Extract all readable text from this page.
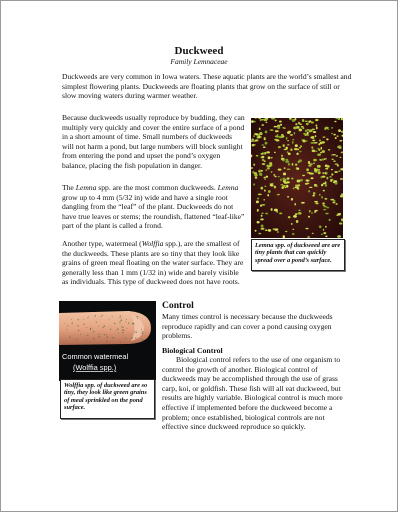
Duckweed
Family Lemnaceae

Duckweeds are very common in Iowa waters. These aquatic plants are the world’s smallest and simplest flowering plants. Duckweeds are floating plants that grow on the surface of still or slow moving waters during warmer weather.

Because duckweeds usually reproduce by budding, they can multiply very quickly and cover the entire surface of a pond in a short amount of time. Small numbers of duckweeds will not harm a pond, but large numbers will block sunlight from entering the pond and upset the pond’s oxygen balance, placing the fish population in danger.

The Lemna spp. are the most common duckweeds. Lemna grow up to 4 mm (5/32 in) wide and have a single root dangling from the “leaf” of the plant. Duckweeds do not have true leaves or stems; the roundish, flattened “leaf-like” part of the plant is called a frond.

Another type, watermeal (Wolffia spp.), are the smallest of the duckweeds. These plants are so tiny that they look like grains of green meal floating on the water surface. They are generally less than 1 mm (1/32 in) wide and barely visible as individuals. This type of duckweed does not have roots.

Lemna spp. of duckweed are are tiny plants that can quickly spread over a pond’s surface.
Common watermeal
(Wolffia spp.)
Wolffia spp. of duckweed are so tiny, they look like green grains of meal sprinkled on the pond surface.
Control

Many times control is necessary because the duckweeds reproduce rapidly and can cover a pond causing oxygen problems.

Biological Control

Biological control refers to the use of one organism to control the growth of another. Biological control of duckweeds may be accomplished through the use of grass carp, koi, or goldfish. These fish will all eat duckweed, but results are highly variable. Biological control is much more effective if implemented before the duckweed become a problem; once established, biological controls are not effective since duckweed reproduce so quickly.
